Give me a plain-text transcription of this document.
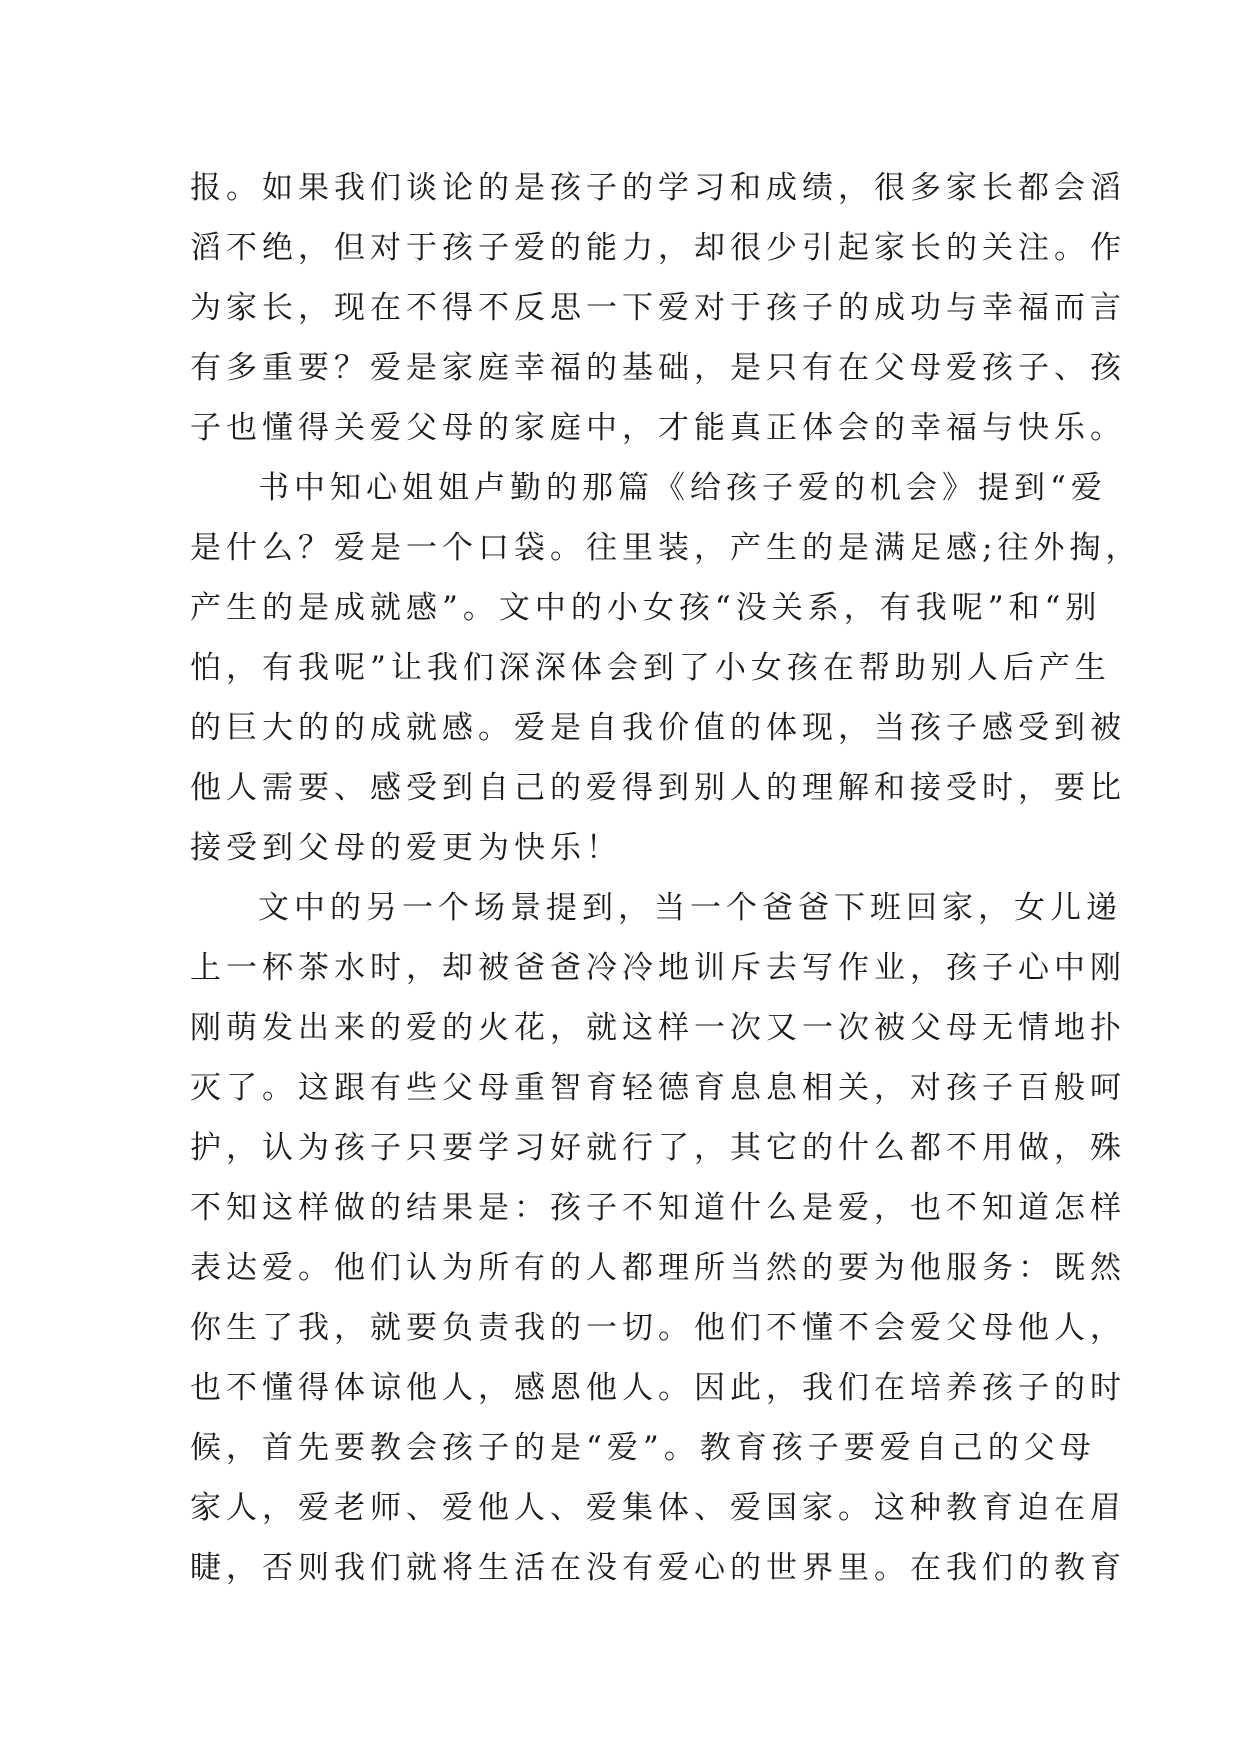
报。如果我们谈论的是孩子的学习和成绩，很多家长都会滔
滔不绝，但对于孩子爱的能力，却很少引起家长的关注。作
为家长，现在不得不反思一下爱对于孩子的成功与幸福而言
有多重要？爱是家庭幸福的基础，是只有在父母爱孩子、孩
子也懂得关爱父母的家庭中，才能真正体会的幸福与快乐。
书中知心姐姐卢勤的那篇《给孩子爱的机会》提到“爱
是什么？爱是一个口袋。往里装，产生的是满足感;往外掏，
产生的是成就感”。文中的小女孩“没关系，有我呢”和“别
怕，有我呢”让我们深深体会到了小女孩在帮助别人后产生
的巨大的的成就感。爱是自我价值的体现，当孩子感受到被
他人需要、感受到自己的爱得到别人的理解和接受时，要比
接受到父母的爱更为快乐！
文中的另一个场景提到，当一个爸爸下班回家，女儿递
上一杯茶水时，却被爸爸冷冷地训斥去写作业，孩子心中刚
刚萌发出来的爱的火花，就这样一次又一次被父母无情地扑
灭了。这跟有些父母重智育轻德育息息相关，对孩子百般呵
护，认为孩子只要学习好就行了，其它的什么都不用做，殊
不知这样做的结果是：孩子不知道什么是爱，也不知道怎样
表达爱。他们认为所有的人都理所当然的要为他服务：既然
你生了我，就要负责我的一切。他们不懂不会爱父母他人，
也不懂得体谅他人，感恩他人。因此，我们在培养孩子的时
候，首先要教会孩子的是“爱”。教育孩子要爱自己的父母
家人，爱老师、爱他人、爱集体、爱国家。这种教育迫在眉
睫，否则我们就将生活在没有爱心的世界里。在我们的教育
